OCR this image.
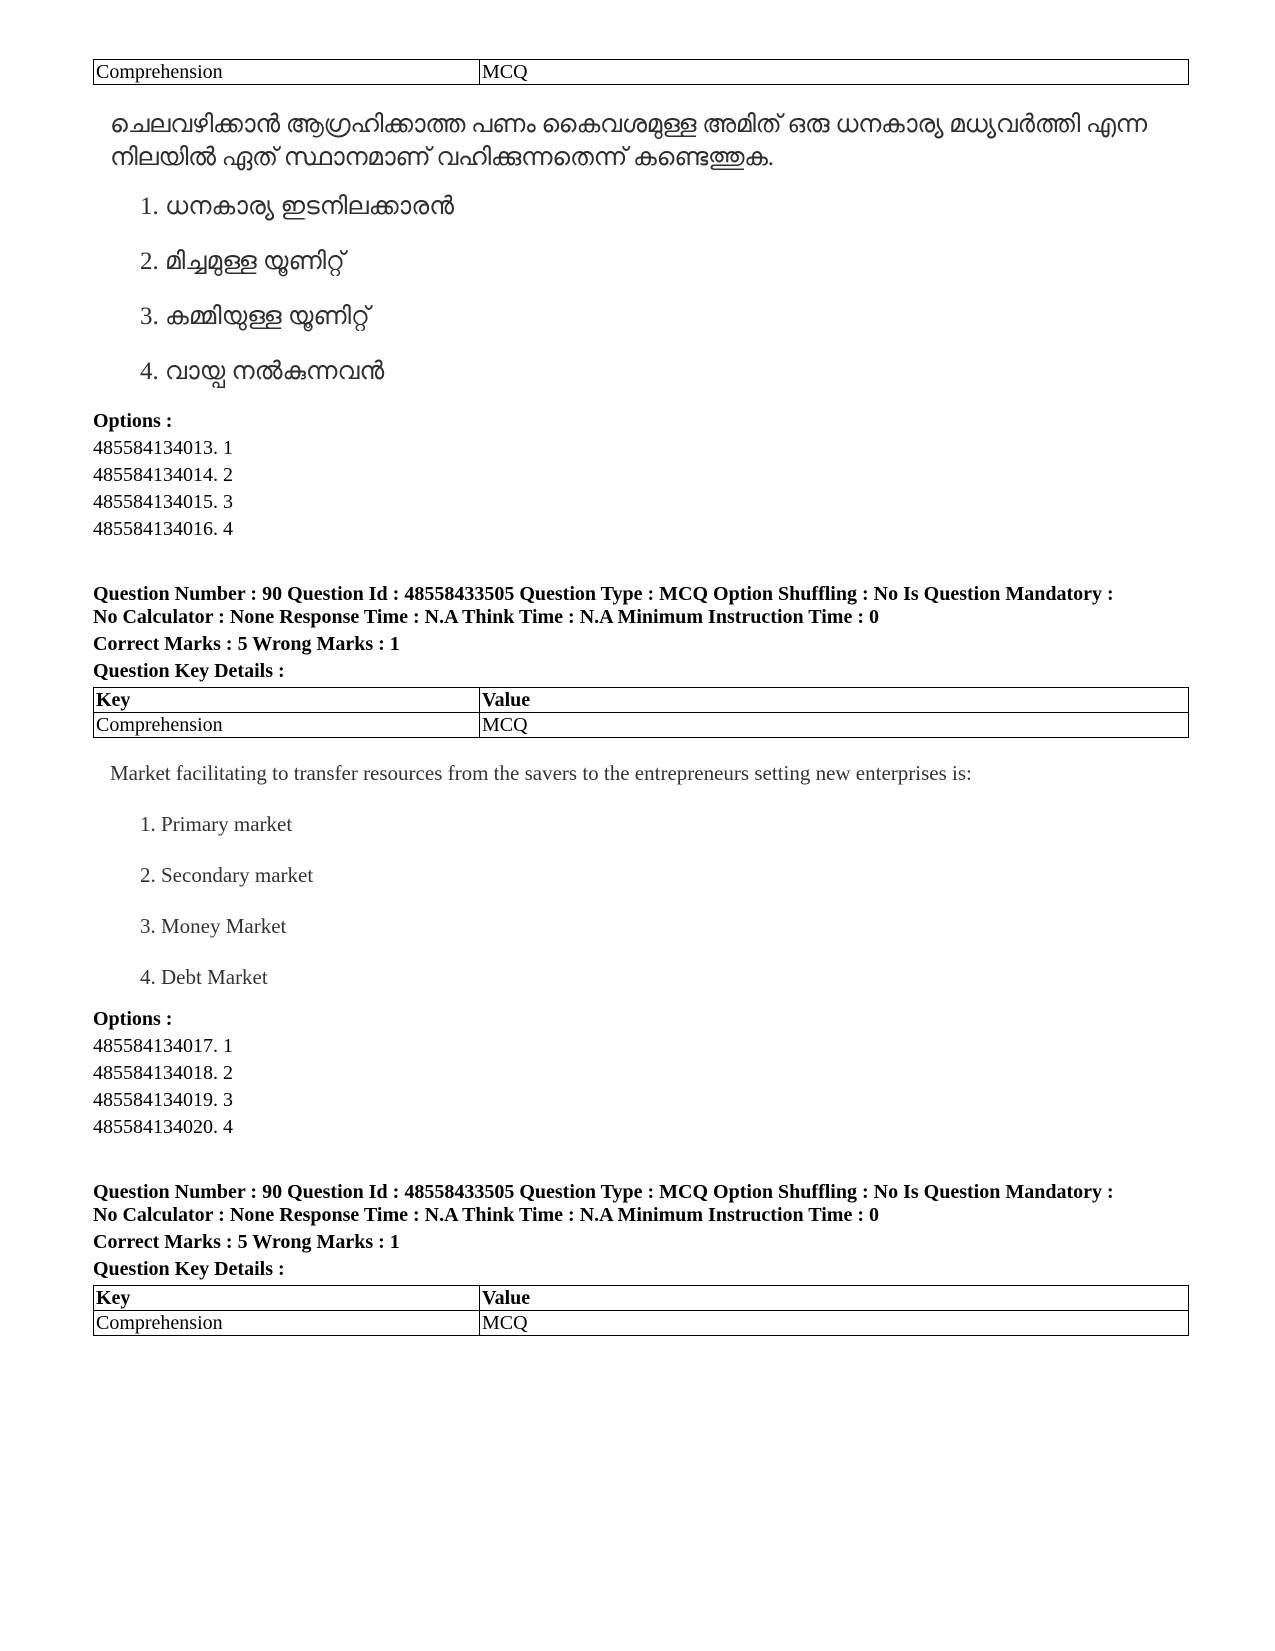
Comprehension	MCQ
ചെലവഴിക്കാൻ ആഗ്രഹിക്കാത്ത പണം കൈവശമുള്ള അമിത് ഒരു ധനകാര്യ മധ്യവർത്തി എന്ന നിലയിൽ ഏത് സ്ഥാനമാണ് വഹിക്കുന്നതെന്ന് കണ്ടെത്തുക.
1. ധനകാര്യ ഇടനിലക്കാരൻ
2. മിച്ചമുള്ള യൂണിറ്റ്
3. കമ്മിയുള്ള യൂണിറ്റ്
4. വായ്പ നൽകുന്നവൻ
Options :
485584134013. 1
485584134014. 2
485584134015. 3
485584134016. 4
Question Number : 90 Question Id : 48558433505 Question Type : MCQ Option Shuffling : No Is Question Mandatory :
No Calculator : None Response Time : N.A Think Time : N.A Minimum Instruction Time : 0
Correct Marks : 5 Wrong Marks : 1
Question Key Details :
Key	Value
Comprehension	MCQ
Market facilitating to transfer resources from the savers to the entrepreneurs setting new enterprises is:
1. Primary market
2. Secondary market
3. Money Market
4. Debt Market
Options :
485584134017. 1
485584134018. 2
485584134019. 3
485584134020. 4
Question Number : 90 Question Id : 48558433505 Question Type : MCQ Option Shuffling : No Is Question Mandatory :
No Calculator : None Response Time : N.A Think Time : N.A Minimum Instruction Time : 0
Correct Marks : 5 Wrong Marks : 1
Question Key Details :
Key	Value
Comprehension	MCQ
